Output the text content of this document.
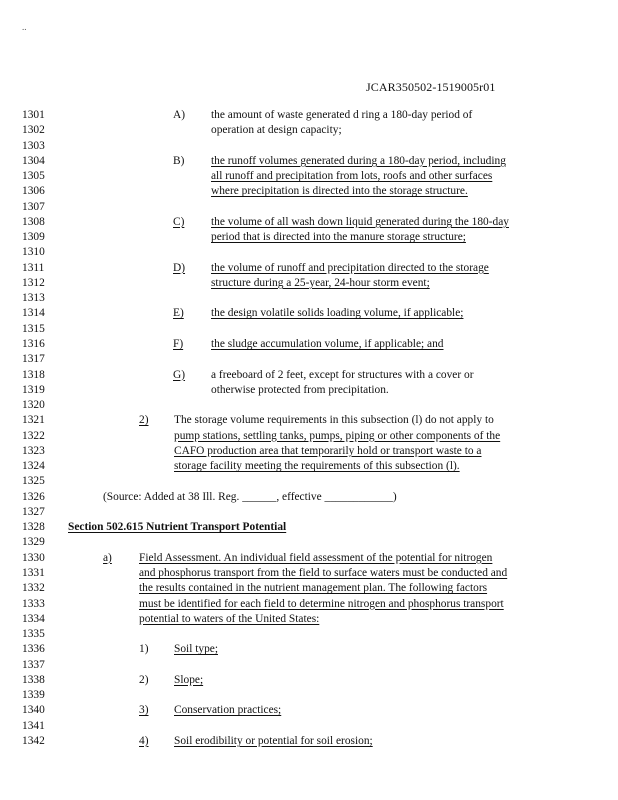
..
JCAR350502-1519005r01
1301	A) the amount of waste generated d ring a 180-day period of
1302	operation at design capacity;
1303
1304	B) the runoff volumes generated during a 180-day period, including
1305	all runoff and precipitation from lots, roofs and other surfaces
1306	where precipitation is directed into the storage structure.
1307
1308	C) the volume of all wash down liquid generated during the 180-day
1309	period that is directed into the manure storage structure;
1310
1311	D) the volume of runoff and precipitation directed to the storage
1312	structure during a 25-year, 24-hour storm event;
1313
1314	E) the design volatile solids loading volume, if applicable;
1315
1316	F) the sludge accumulation volume, if applicable; and
1317
1318	G) a freeboard of 2 feet, except for structures with a cover or
1319	otherwise protected from precipitation.
1320
1321	2) The storage volume requirements in this subsection (l) do not apply to
1322	pump stations, settling tanks, pumps, piping or other components of the
1323	CAFO production area that temporarily hold or transport waste to a
1324	storage facility meeting the requirements of this subsection (l).
1325
1326	(Source: Added at 38 Ill. Reg. ______, effective ____________)
1327
1328	Section 502.615 Nutrient Transport Potential
1329
1330	a) Field Assessment. An individual field assessment of the potential for nitrogen
1331	and phosphorus transport from the field to surface waters must be conducted and
1332	the results contained in the nutrient management plan. The following factors
1333	must be identified for each field to determine nitrogen and phosphorus transport
1334	potential to waters of the United States:
1335
1336	1) Soil type;
1337
1338	2) Slope;
1339
1340	3) Conservation practices;
1341
1342	4) Soil erodibility or potential for soil erosion;
